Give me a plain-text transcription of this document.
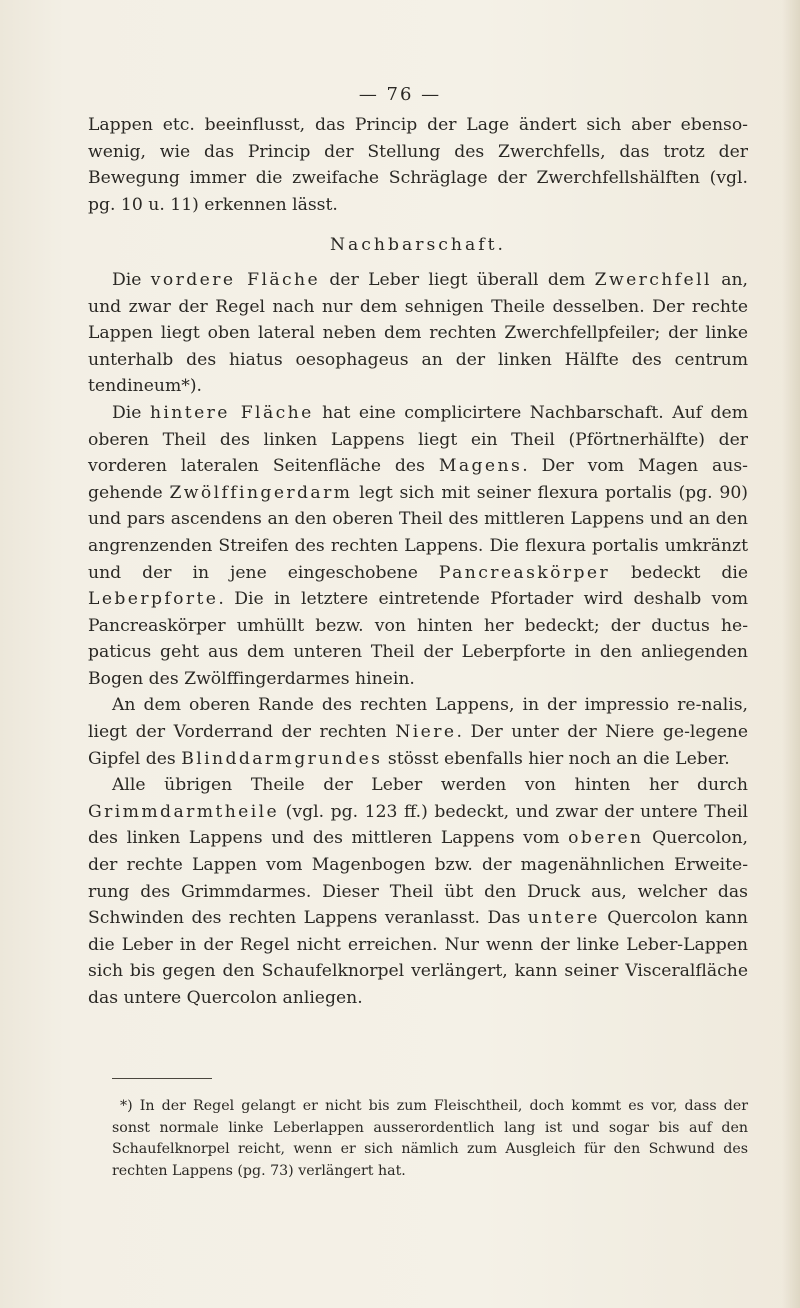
— 76 —

Lappen etc. beeinflusst, das Princip der Lage ändert sich aber ebenso-wenig, wie das Princip der Stellung des Zwerchfells, das trotz der Bewegung immer die zweifache Schräglage der Zwerchfellshälften (vgl. pg. 10 u. 11) erkennen lässt.

Nachbarschaft.

Die vordere Fläche der Leber liegt überall dem Zwerchfell an, und zwar der Regel nach nur dem sehnigen Theile desselben. Der rechte Lappen liegt oben lateral neben dem rechten Zwerchfellpfeiler; der linke unterhalb des hiatus oesophageus an der linken Hälfte des centrum tendineum*).

Die hintere Fläche hat eine complicirtere Nachbarschaft. Auf dem oberen Theil des linken Lappens liegt ein Theil (Pförtnerhälfte) der vorderen lateralen Seitenfläche des Magens. Der vom Magen aus-gehende Zwölffingerdarm legt sich mit seiner flexura portalis (pg. 90) und pars ascendens an den oberen Theil des mittleren Lappens und an den angrenzenden Streifen des rechten Lappens. Die flexura portalis umkränzt und der in jene eingeschobene Pancreaskörper bedeckt die Leberpforte. Die in letztere eintretende Pfortader wird deshalb vom Pancreaskörper umhüllt bezw. von hinten her bedeckt; der ductus he-paticus geht aus dem unteren Theil der Leberpforte in den anliegenden Bogen des Zwölffingerdarmes hinein.

An dem oberen Rande des rechten Lappens, in der impressio re-nalis, liegt der Vorderrand der rechten Niere. Der unter der Niere ge-legene Gipfel des Blinddarmgrundes stösst ebenfalls hier noch an die Leber.

Alle übrigen Theile der Leber werden von hinten her durch Grimmdarmtheile (vgl. pg. 123 ff.) bedeckt, und zwar der untere Theil des linken Lappens und des mittleren Lappens vom oberen Quercolon, der rechte Lappen vom Magenbogen bzw. der magenähnlichen Erweite-rung des Grimmdarmes. Dieser Theil übt den Druck aus, welcher das Schwinden des rechten Lappens veranlasst. Das untere Quercolon kann die Leber in der Regel nicht erreichen. Nur wenn der linke Leber-Lappen sich bis gegen den Schaufelknorpel verlängert, kann seiner Visceralfläche das untere Quercolon anliegen.

*) In der Regel gelangt er nicht bis zum Fleischtheil, doch kommt es vor, dass der sonst normale linke Leberlappen ausserordentlich lang ist und sogar bis auf den Schaufelknorpel reicht, wenn er sich nämlich zum Ausgleich für den Schwund des rechten Lappens (pg. 73) verlängert hat.
